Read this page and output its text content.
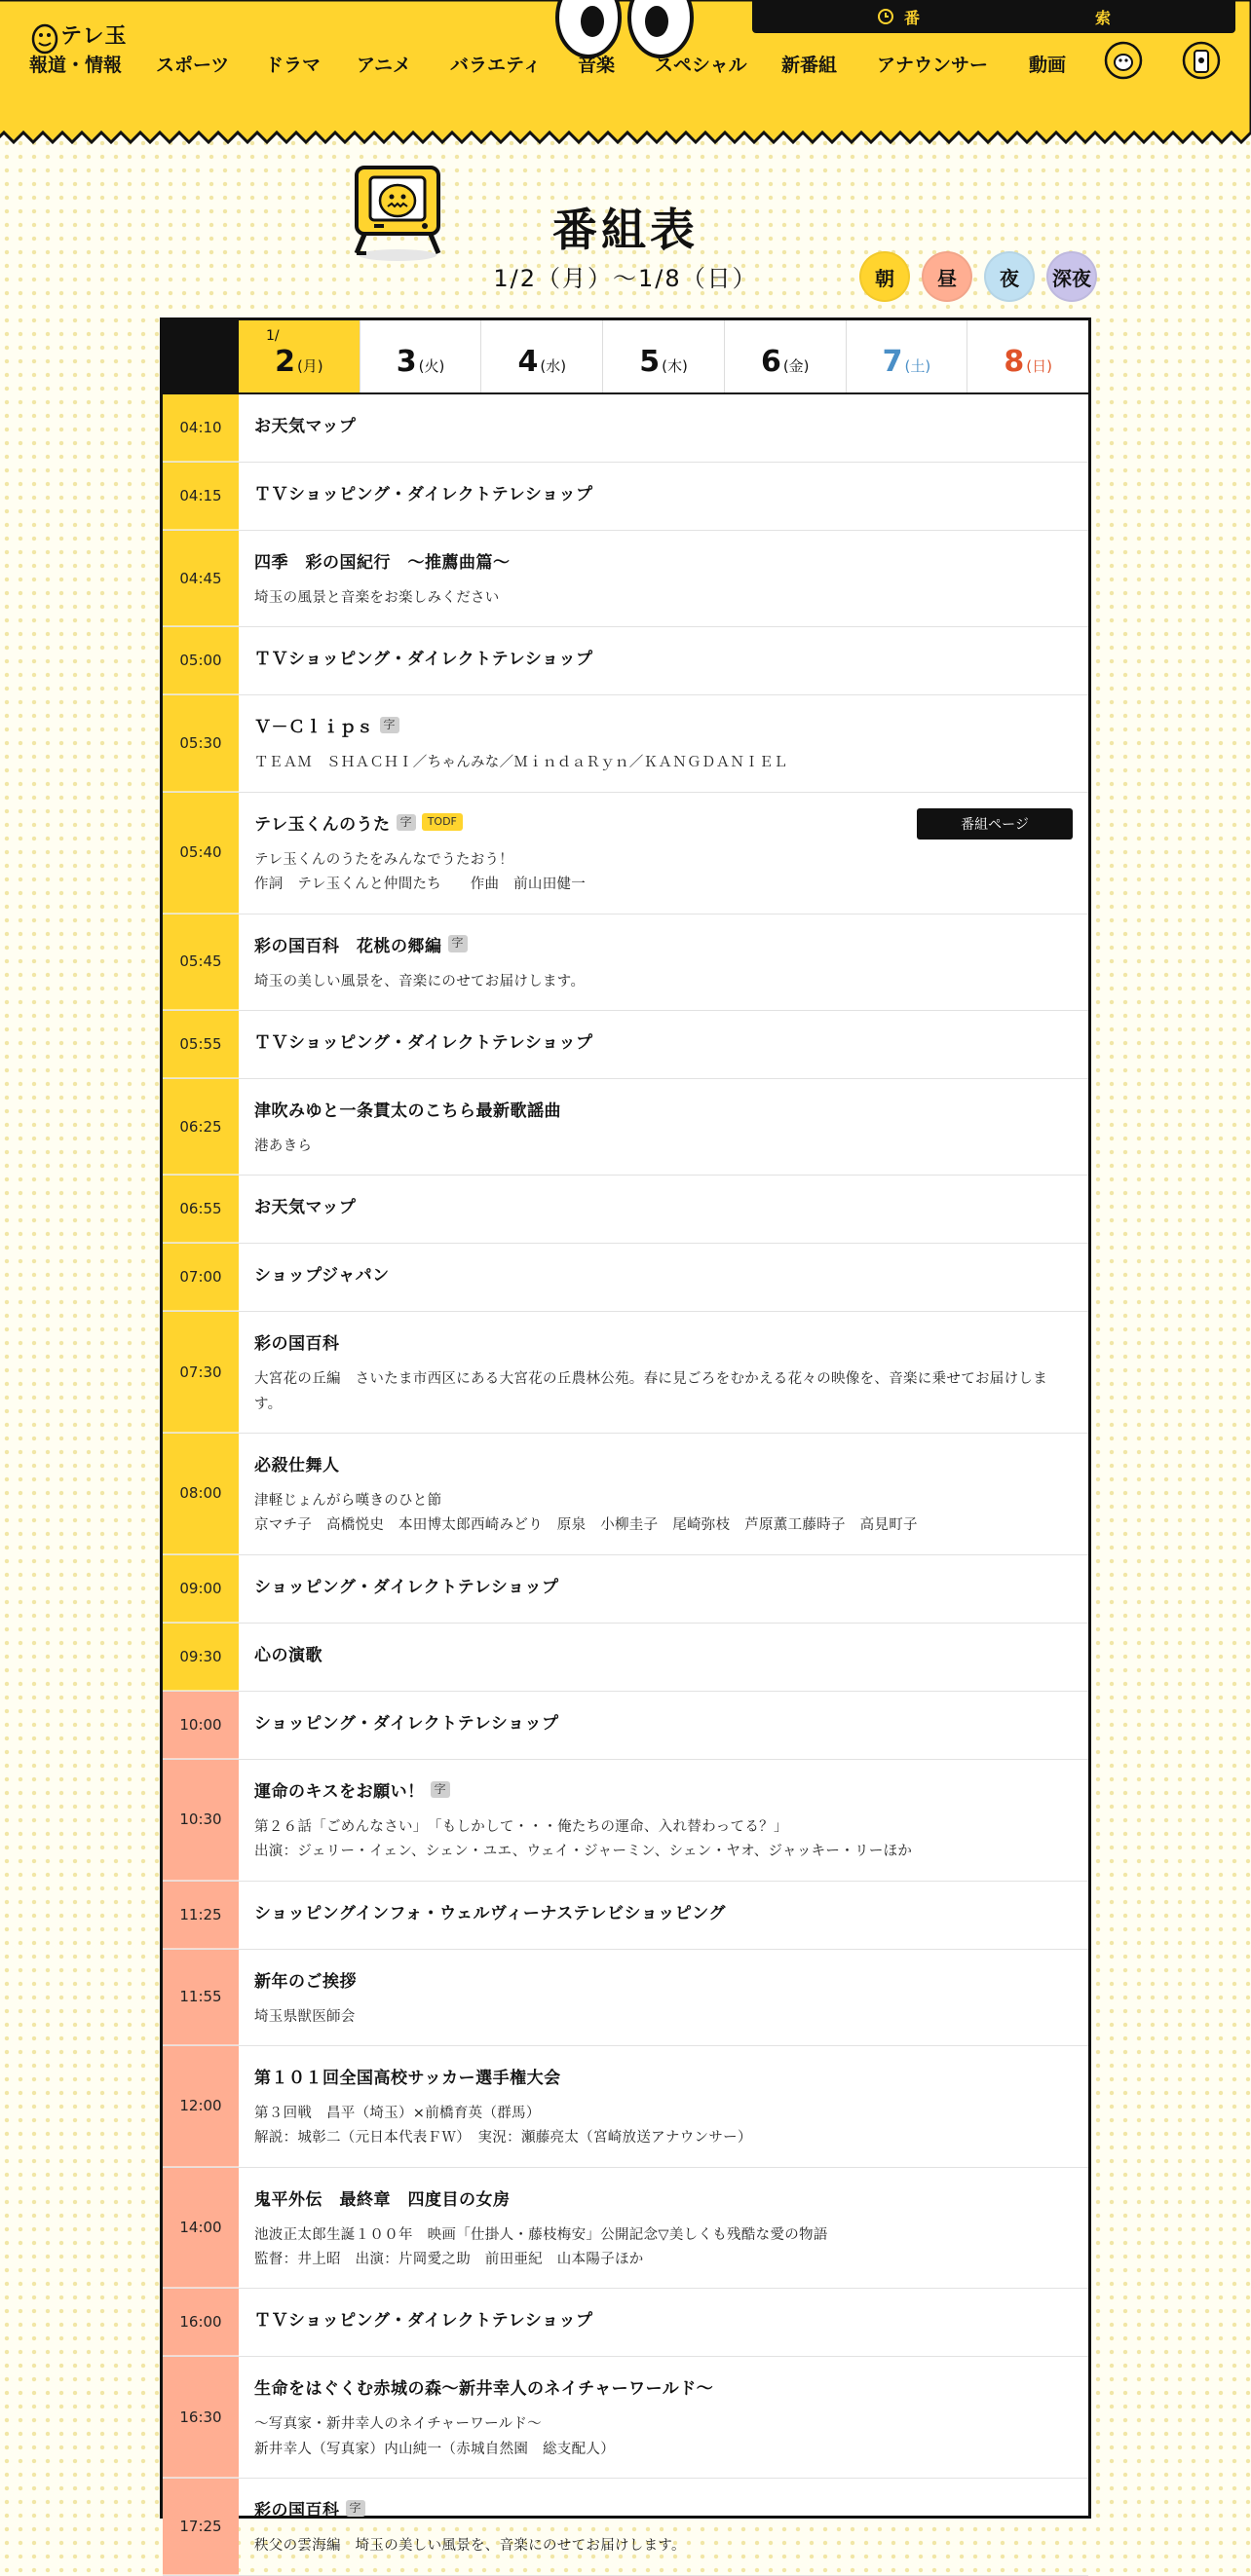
テレ玉
番	索
報道・情報 スポーツ ドラマ アニメ バラエティ 音楽 スペシャル 新番組 アナウンサー 動画
番組表
1/2（月）〜1/8（日）	朝	昼	夜	深夜
1/
2 (月)	3 (火)	4 (水)	5 (木)	6 (金)	7 (土)	8 (日)
04:10	お天気マップ
04:15	ＴＶショッピング・ダイレクトテレショップ
04:45
四季　彩の国紀行　～推薦曲篇～
埼玉の風景と音楽をお楽しみください
05:00	ＴＶショッピング・ダイレクトテレショップ
05:30
Ｖ－Ｃｌｉｐｓ 字
ＴＥＡＭ　ＳＨＡＣＨＩ／ちゃんみな／ＭｉｎｄａＲｙｎ／ＫＡＮＧＤＡＮＩＥＬ
05:40
テレ玉くんのうた 字	TODF	番組ページ
テレ玉くんのうたをみんなでうたおう！
作詞　テレ玉くんと仲間たち　　作曲　前山田健一
05:45
彩の国百科　花桃の郷編 字
埼玉の美しい風景を、音楽にのせてお届けします。
05:55	ＴＶショッピング・ダイレクトテレショップ
06:25
津吹みゆと一条貫太のこちら最新歌謡曲
港あきら
06:55	お天気マップ
07:00	ショップジャパン
07:30
彩の国百科
大宮花の丘編　さいたま市西区にある大宮花の丘農林公苑。春に見ごろをむかえる花々の映像を、音楽に乗せてお届けします。
08:00
必殺仕舞人
津軽じょんがら嘆きのひと節
京マチ子　高橋悦史　本田博太郎西崎みどり　原泉　小柳圭子　尾崎弥枝　芦原薫工藤時子　高見町子
09:00	ショッピング・ダイレクトテレショップ
09:30	心の演歌
10:00	ショッピング・ダイレクトテレショップ
10:30
運命のキスをお願い！ 字
第２６話「ごめんなさい」　「もしかして・・・俺たちの運命、入れ替わってる？」
出演：ジェリー・イェン、シェン・ユエ、ウェイ・ジャーミン、シェン・ヤオ、ジャッキー・リーほか
11:25	ショッピングインフォ・ウェルヴィーナステレビショッピング
11:55
新年のご挨拶
埼玉県獣医師会
12:00
第１０１回全国高校サッカー選手権大会
第３回戦　昌平（埼玉）×前橋育英（群馬）
解説：城彰二（元日本代表ＦＷ）　実況：瀬藤亮太（宮崎放送アナウンサー）
14:00
鬼平外伝　最終章　四度目の女房
池波正太郎生誕１００年　映画「仕掛人・藤枝梅安」公開記念▽美しくも残酷な愛の物語
監督：井上昭　出演：片岡愛之助　前田亜紀　山本陽子ほか
16:00	ＴＶショッピング・ダイレクトテレショップ
16:30
生命をはぐくむ赤城の森～新井幸人のネイチャーワールド～
～写真家・新井幸人のネイチャーワールド～
新井幸人（写真家）内山純一（赤城自然園　総支配人）
17:25
彩の国百科 字
秩父の雲海編　埼玉の美しい風景を、音楽にのせてお届けします。
